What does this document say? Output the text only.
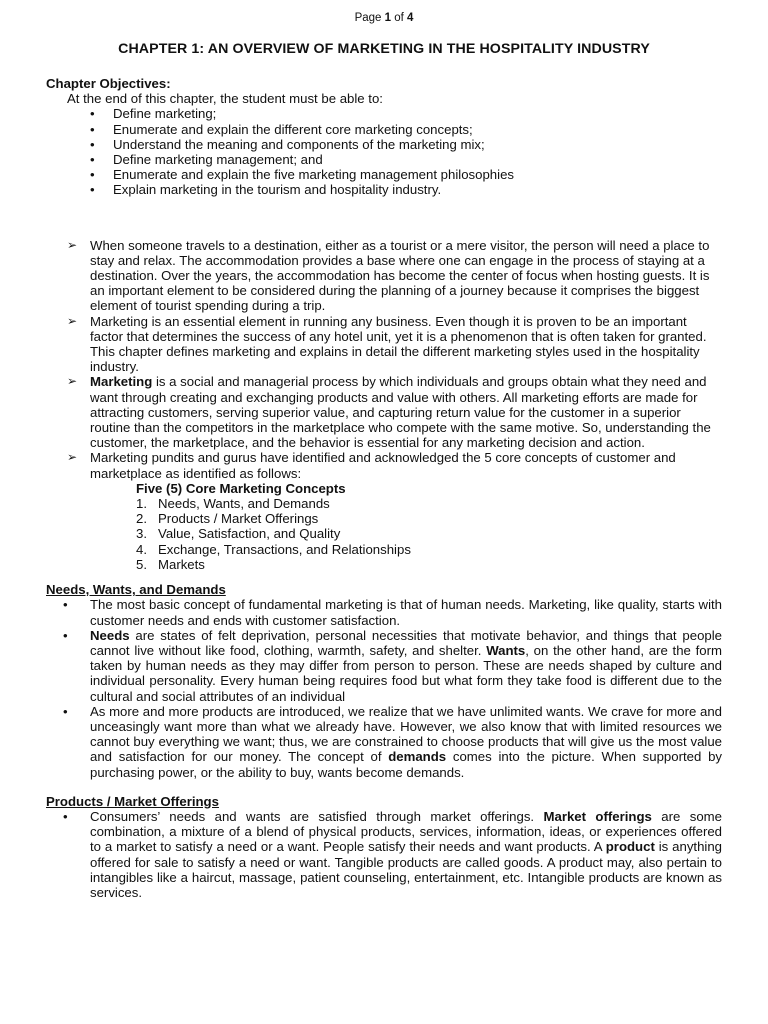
Page 1 of 4
CHAPTER 1: AN OVERVIEW OF MARKETING IN THE HOSPITALITY INDUSTRY
Chapter Objectives:
At the end of this chapter, the student must be able to:
• Define marketing;
• Enumerate and explain the different core marketing concepts;
• Understand the meaning and components of the marketing mix;
• Define marketing management; and
• Enumerate and explain the five marketing management philosophies
• Explain marketing in the tourism and hospitality industry.
➢ When someone travels to a destination, either as a tourist or a mere visitor, the person will need a place to stay and relax. The accommodation provides a base where one can engage in the process of staying at a destination. Over the years, the accommodation has become the center of focus when hosting guests. It is an important element to be considered during the planning of a journey because it comprises the biggest element of tourist spending during a trip.
➢ Marketing is an essential element in running any business. Even though it is proven to be an important factor that determines the success of any hotel unit, yet it is a phenomenon that is often taken for granted. This chapter defines marketing and explains in detail the different marketing styles used in the hospitality industry.
➢ Marketing is a social and managerial process by which individuals and groups obtain what they need and want through creating and exchanging products and value with others. All marketing efforts are made for attracting customers, serving superior value, and capturing return value for the customer in a superior routine than the competitors in the marketplace who compete with the same motive. So, understanding the customer, the marketplace, and the behavior is essential for any marketing decision and action.
➢ Marketing pundits and gurus have identified and acknowledged the 5 core concepts of customer and marketplace as identified as follows:
Five (5) Core Marketing Concepts
1. Needs, Wants, and Demands
2. Products / Market Offerings
3. Value, Satisfaction, and Quality
4. Exchange, Transactions, and Relationships
5. Markets
Needs, Wants, and Demands
• The most basic concept of fundamental marketing is that of human needs. Marketing, like quality, starts with customer needs and ends with customer satisfaction.
• Needs are states of felt deprivation, personal necessities that motivate behavior, and things that people cannot live without like food, clothing, warmth, safety, and shelter. Wants, on the other hand, are the form taken by human needs as they may differ from person to person. These are needs shaped by culture and individual personality. Every human being requires food but what form they take food is different due to the cultural and social attributes of an individual
• As more and more products are introduced, we realize that we have unlimited wants. We crave for more and unceasingly want more than what we already have. However, we also know that with limited resources we cannot buy everything we want; thus, we are constrained to choose products that will give us the most value and satisfaction for our money. The concept of demands comes into the picture. When supported by purchasing power, or the ability to buy, wants become demands.
Products / Market Offerings
• Consumers’ needs and wants are satisfied through market offerings. Market offerings are some combination, a mixture of a blend of physical products, services, information, ideas, or experiences offered to a market to satisfy a need or a want. People satisfy their needs and want products. A product is anything offered for sale to satisfy a need or want. Tangible products are called goods. A product may, also pertain to intangibles like a haircut, massage, patient counseling, entertainment, etc. Intangible products are known as services.
